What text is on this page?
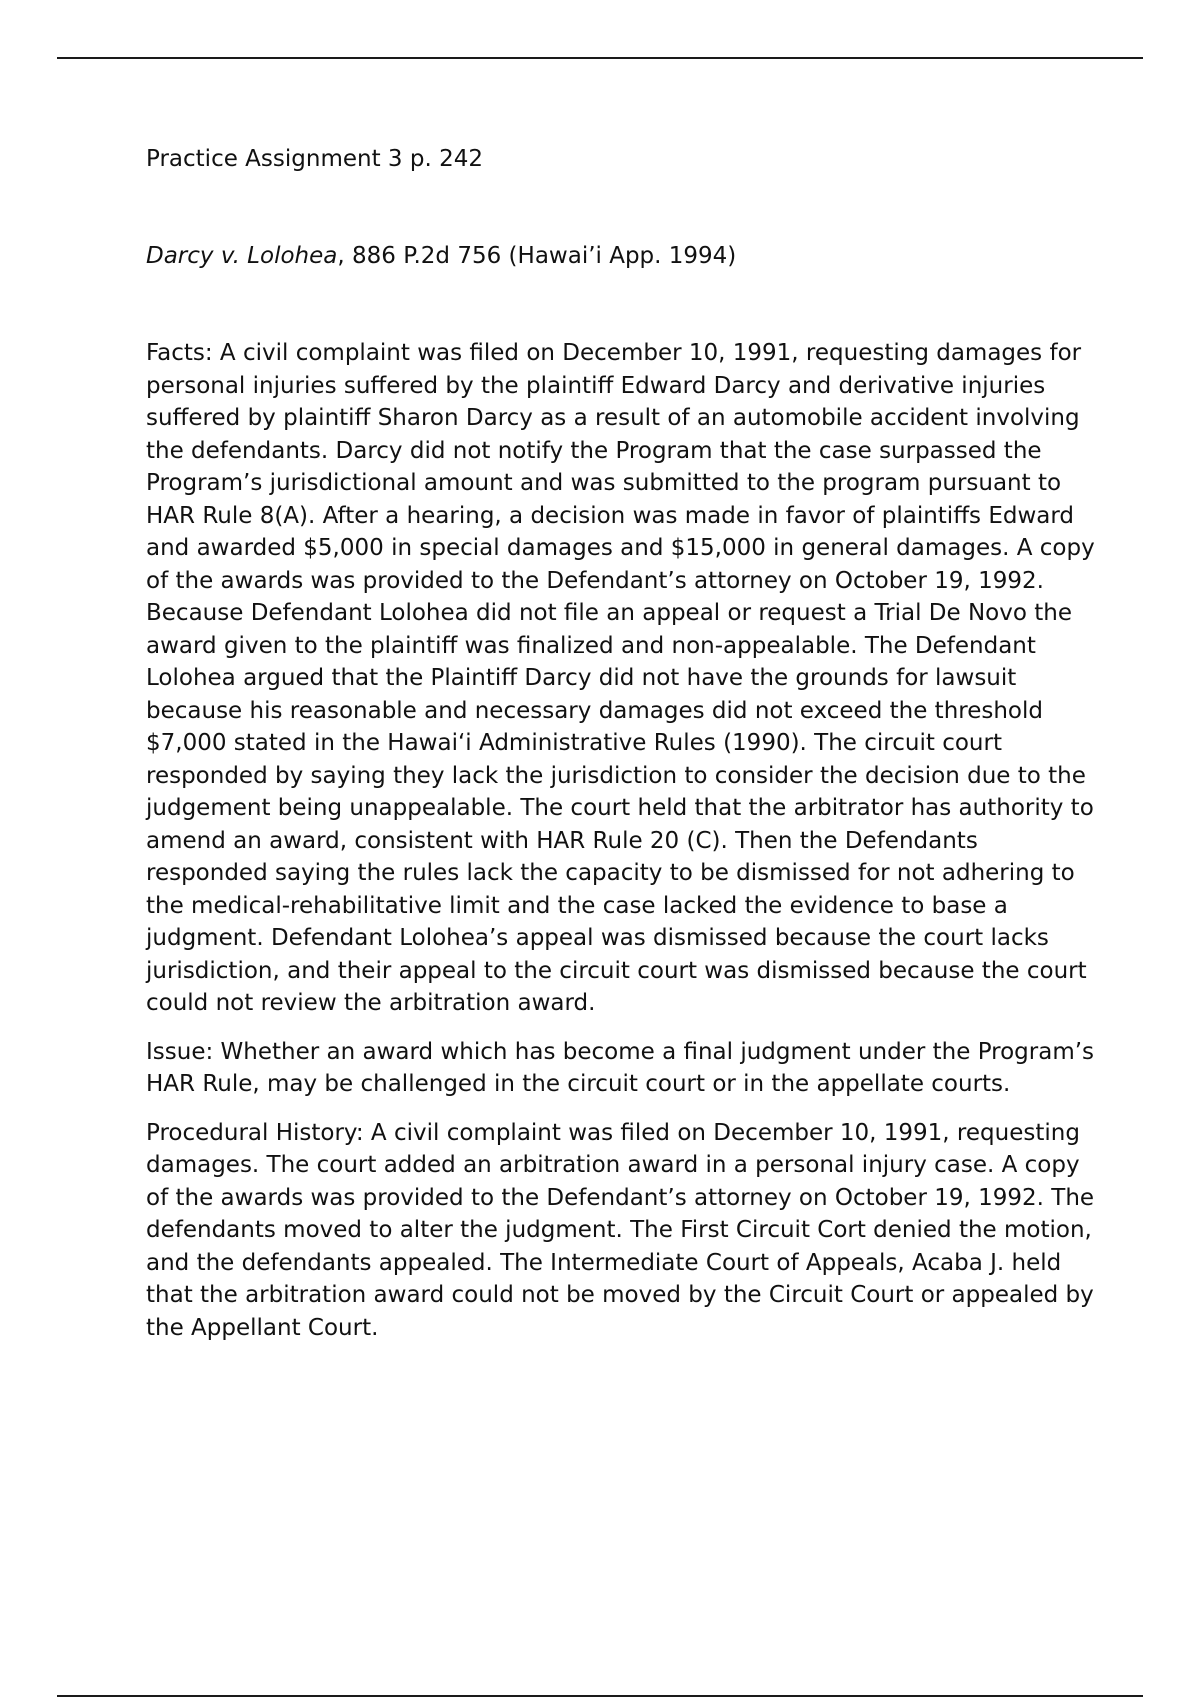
Practice Assignment 3 p. 242

Darcy v. Lolohea, 886 P.2d 756 (Hawai’i App. 1994)

Facts: A civil complaint was filed on December 10, 1991, requesting damages for personal injuries suffered by the plaintiff Edward Darcy and derivative injuries suffered by plaintiff Sharon Darcy as a result of an automobile accident involving the defendants. Darcy did not notify the Program that the case surpassed the Program’s jurisdictional amount and was submitted to the program pursuant to HAR Rule 8(A). After a hearing, a decision was made in favor of plaintiffs Edward and awarded $5,000 in special damages and $15,000 in general damages. A copy of the awards was provided to the Defendant’s attorney on October 19, 1992. Because Defendant Lolohea did not file an appeal or request a Trial De Novo the award given to the plaintiff was finalized and non-appealable. The Defendant Lolohea argued that the Plaintiff Darcy did not have the grounds for lawsuit because his reasonable and necessary damages did not exceed the threshold $7,000 stated in the Hawai‘i Administrative Rules (1990). The circuit court responded by saying they lack the jurisdiction to consider the decision due to the judgement being unappealable. The court held that the arbitrator has authority to amend an award, consistent with HAR Rule 20 (C). Then the Defendants responded saying the rules lack the capacity to be dismissed for not adhering to the medical-rehabilitative limit and the case lacked the evidence to base a judgment. Defendant Lolohea’s appeal was dismissed because the court lacks jurisdiction, and their appeal to the circuit court was dismissed because the court could not review the arbitration award.

Issue: Whether an award which has become a final judgment under the Program’s HAR Rule, may be challenged in the circuit court or in the appellate courts.

Procedural History: A civil complaint was filed on December 10, 1991, requesting damages. The court added an arbitration award in a personal injury case. A copy of the awards was provided to the Defendant’s attorney on October 19, 1992. The defendants moved to alter the judgment. The First Circuit Cort denied the motion, and the defendants appealed. The Intermediate Court of Appeals, Acaba J. held that the arbitration award could not be moved by the Circuit Court or appealed by the Appellant Court.
